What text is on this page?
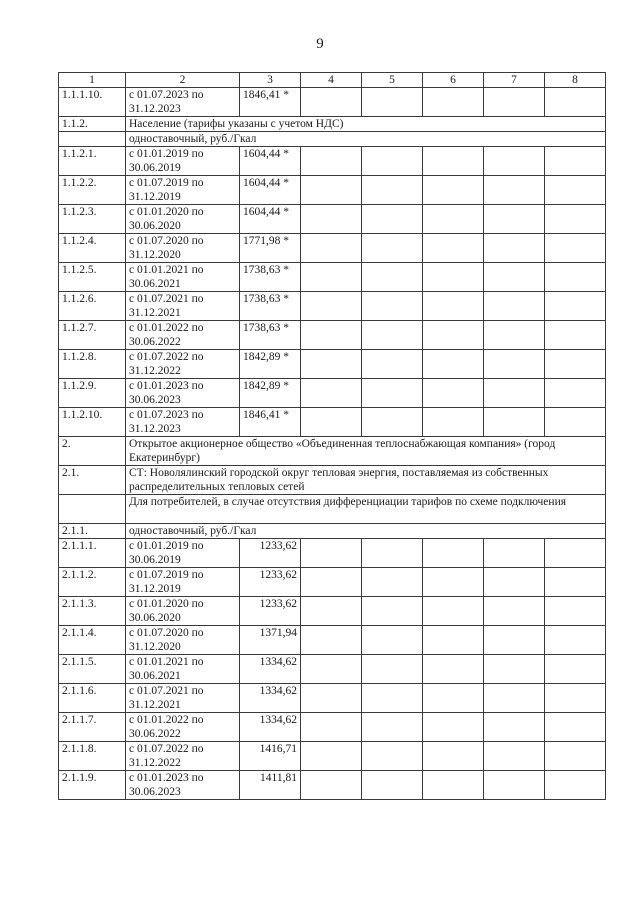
9
1	2	3	4	5	6	7	8
1.1.1.10.	с 01.07.2023 по 31.12.2023	1846,41 *					
1.1.2.	Население (тарифы указаны с учетом НДС)						
	одноставочный, руб./Гкал						
1.1.2.1.	с 01.01.2019 по 30.06.2019	1604,44 *					
1.1.2.2.	с 01.07.2019 по 31.12.2019	1604,44 *					
1.1.2.3.	с 01.01.2020 по 30.06.2020	1604,44 *					
1.1.2.4.	с 01.07.2020 по 31.12.2020	1771,98 *					
1.1.2.5.	с 01.01.2021 по 30.06.2021	1738,63 *					
1.1.2.6.	с 01.07.2021 по 31.12.2021	1738,63 *					
1.1.2.7.	с 01.01.2022 по 30.06.2022	1738,63 *					
1.1.2.8.	с 01.07.2022 по 31.12.2022	1842,89 *					
1.1.2.9.	с 01.01.2023 по 30.06.2023	1842,89 *					
1.1.2.10.	с 01.07.2023 по 31.12.2023	1846,41 *					
2.	Открытое акционерное общество «Объединенная теплоснабжающая компания» (город Екатеринбург)						
2.1.	СТ: Новолялинский городской округ тепловая энергия, поставляемая из собственных распределительных тепловых сетей						
	Для потребителей, в случае отсутствия дифференциации тарифов по схеме подключения						
2.1.1.	одноставочный, руб./Гкал						
2.1.1.1.	с 01.01.2019 по 30.06.2019	1233,62					
2.1.1.2.	с 01.07.2019 по 31.12.2019	1233,62					
2.1.1.3.	с 01.01.2020 по 30.06.2020	1233,62					
2.1.1.4.	с 01.07.2020 по 31.12.2020	1371,94					
2.1.1.5.	с 01.01.2021 по 30.06.2021	1334,62					
2.1.1.6.	с 01.07.2021 по 31.12.2021	1334,62					
2.1.1.7.	с 01.01.2022 по 30.06.2022	1334,62					
2.1.1.8.	с 01.07.2022 по 31.12.2022	1416,71					
2.1.1.9.	с 01.01.2023 по 30.06.2023	1411,81					
